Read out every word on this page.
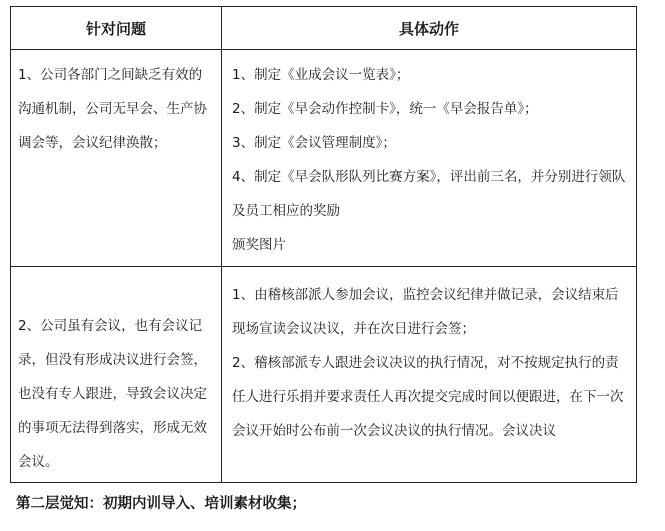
针对问题	具体动作

1、公司各部门之间缺乏有效的沟通机制，公司无早会、生产协调会等，会议纪律涣散；	1、制定《业成会议一览表》；

2、制定《早会动作控制卡》，统一《早会报告单》；

3、制定《会议管理制度》；

4、制定《早会队形队列比赛方案》，评出前三名，并分别进行领队及员工相应的奖励

颁奖图片

2、公司虽有会议，也有会议记录，但没有形成决议进行会签，也没有专人跟进，导致会议决定的事项无法得到落实，形成无效会议。	1、由稽核部派人参加会议，监控会议纪律并做记录，会议结束后现场宣读会议决议，并在次日进行会签；

2、稽核部派专人跟进会议决议的执行情况，对不按规定执行的责任人进行乐捐并要求责任人再次提交完成时间以便跟进，在下一次会议开始时公布前一次会议决议的执行情况。会议决议

第二层觉知：初期内训导入、培训素材收集；
